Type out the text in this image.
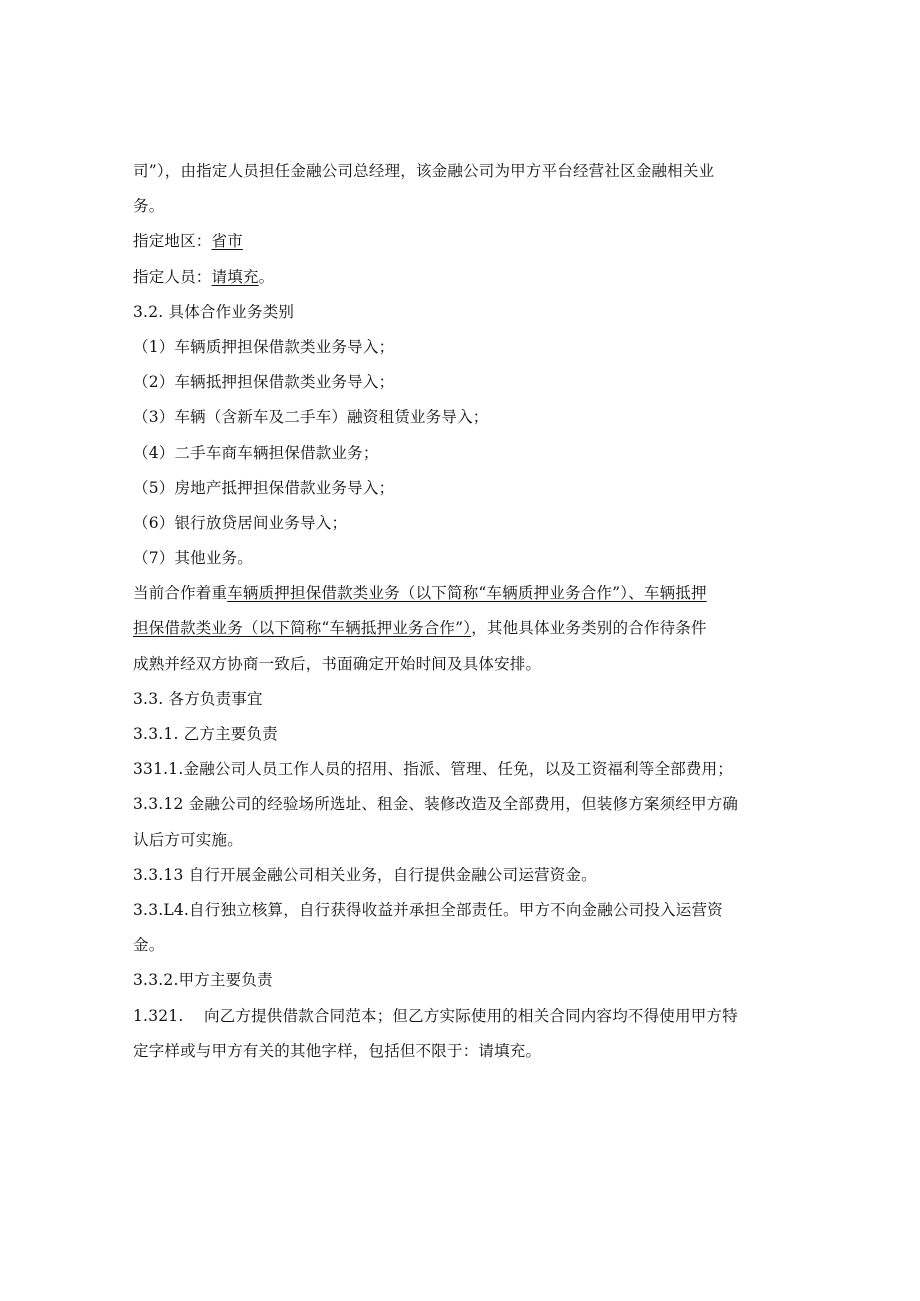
司”），由指定人员担任金融公司总经理，该金融公司为甲方平台经营社区金融相关业
务。
指定地区：省市
指定人员：请填充。
3.2. 具体合作业务类别
（1）车辆质押担保借款类业务导入；
（2）车辆抵押担保借款类业务导入；
（3）车辆（含新车及二手车）融资租赁业务导入；
（4）二手车商车辆担保借款业务；
（5）房地产抵押担保借款业务导入；
（6）银行放贷居间业务导入；
（7）其他业务。
当前合作着重车辆质押担保借款类业务（以下简称“车辆质押业务合作”）、车辆抵押
担保借款类业务（以下简称“车辆抵押业务合作”），其他具体业务类别的合作待条件
成熟并经双方协商一致后，书面确定开始时间及具体安排。
3.3. 各方负责事宜
3.3.1. 乙方主要负责
331.1.金融公司人员工作人员的招用、指派、管理、任免，以及工资福利等全部费用；
3.3.12 金融公司的经验场所选址、租金、装修改造及全部费用，但装修方案须经甲方确
认后方可实施。
3.3.13 自行开展金融公司相关业务，自行提供金融公司运营资金。
3.3.L4.自行独立核算，自行获得收益并承担全部责任。甲方不向金融公司投入运营资
金。
3.3.2.甲方主要负责
1.321.    向乙方提供借款合同范本；但乙方实际使用的相关合同内容均不得使用甲方特
定字样或与甲方有关的其他字样，包括但不限于：请填充。
